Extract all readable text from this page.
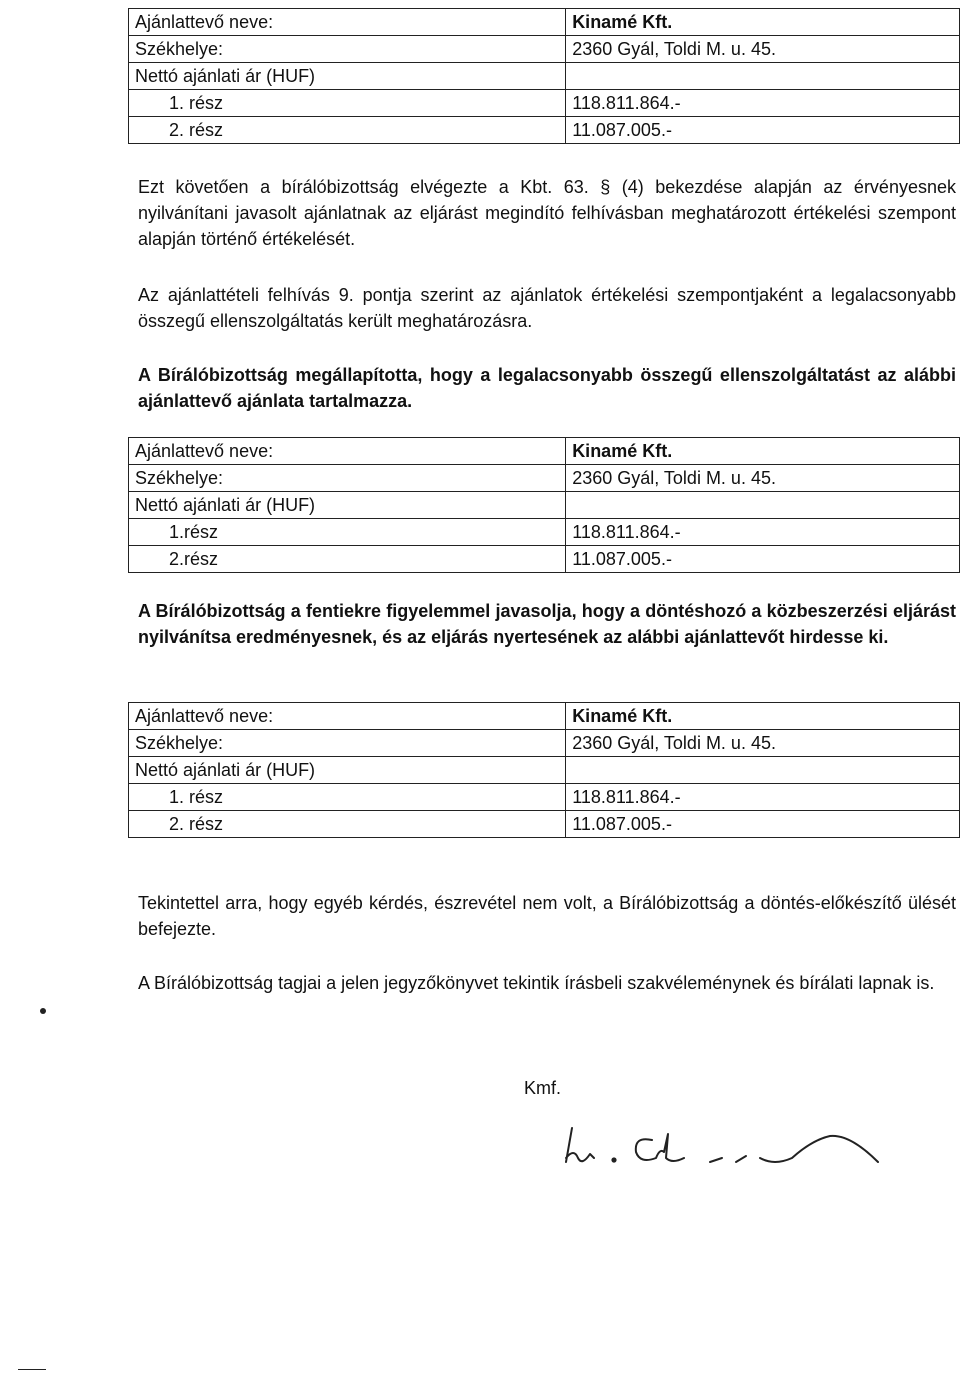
Ajánlattevő neve:	Kinamé Kft.
Székhelye:	2360 Gyál, Toldi M. u. 45.
Nettó ajánlati ár (HUF)	
1. rész	118.811.864.-
2. rész	11.087.005.-

Ezt követően a bírálóbizottság elvégezte a Kbt. 63. § (4) bekezdése alapján az érvényesnek nyilvánítani javasolt ajánlatnak az eljárást megindító felhívásban meghatározott értékelési szempont alapján történő értékelését.

Az ajánlattételi felhívás 9. pontja szerint az ajánlatok értékelési szempontjaként a legalacsonyabb összegű ellenszolgáltatás került meghatározásra.

A Bírálóbizottság megállapította, hogy a legalacsonyabb összegű ellenszolgáltatást az alábbi ajánlattevő ajánlata tartalmazza.

Ajánlattevő neve:	Kinamé Kft.
Székhelye:	2360 Gyál, Toldi M. u. 45.
Nettó ajánlati ár (HUF)	
1.rész	118.811.864.-
2.rész	11.087.005.-

A Bírálóbizottság a fentiekre figyelemmel javasolja, hogy a döntéshozó a közbeszerzési eljárást nyilvánítsa eredményesnek, és az eljárás nyertesének az alábbi ajánlattevőt hirdesse ki.

Ajánlattevő neve:	Kinamé Kft.
Székhelye:	2360 Gyál, Toldi M. u. 45.
Nettó ajánlati ár (HUF)	
1. rész	118.811.864.-
2. rész	11.087.005.-

Tekintettel arra, hogy egyéb kérdés, észrevétel nem volt, a Bírálóbizottság a döntés-előkészítő ülését befejezte.

A Bírálóbizottság tagjai a jelen jegyzőkönyvet tekintik írásbeli szakvéleménynek és bírálati lapnak is.

Kmf.
